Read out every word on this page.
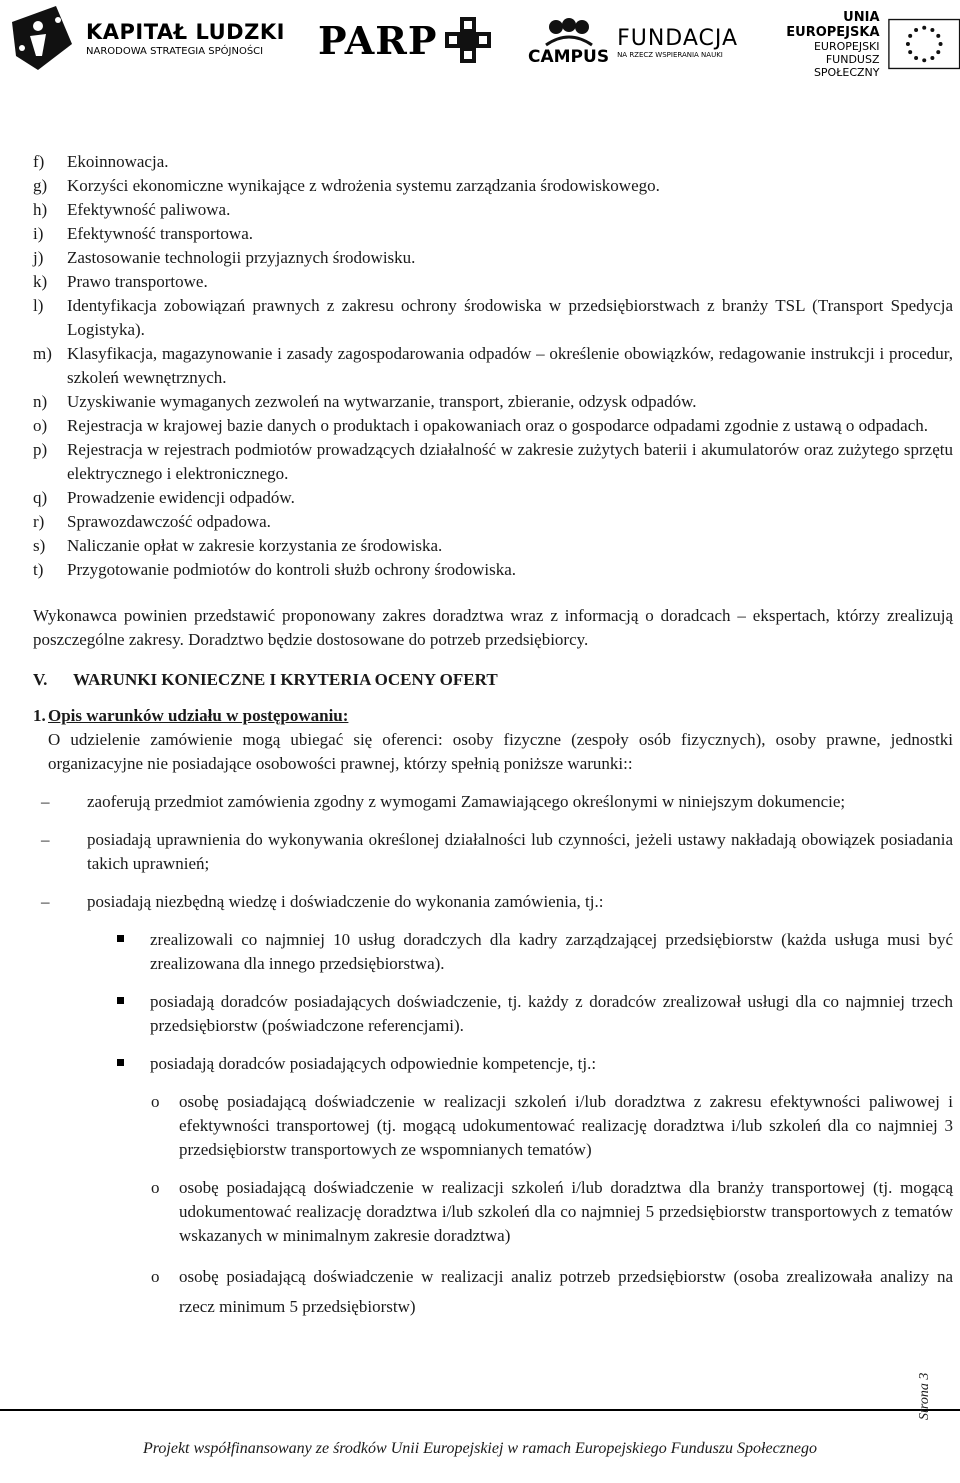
KAPITAŁ LUDZKI
NARODOWA STRATEGIA SPÓJNOŚCI	PARP	CAMPUS
FUNDACJA
NA RZECZ WSPIERANIA NAUKI
UNIA EUROPEJSKA
EUROPEJSKI
FUNDUSZ SPOŁECZNY
f) Ekoinnowacja.
g) Korzyści ekonomiczne wynikające z wdrożenia systemu zarządzania środowiskowego.
h) Efektywność paliwowa.
i) Efektywność transportowa.
j) Zastosowanie technologii przyjaznych środowisku.
k) Prawo transportowe.
l) Identyfikacja zobowiązań prawnych z zakresu ochrony środowiska w przedsiębiorstwach z branży TSL (Transport Spedycja Logistyka).
m) Klasyfikacja, magazynowanie i zasady zagospodarowania odpadów – określenie obowiązków, redagowanie instrukcji i procedur, szkoleń wewnętrznych.
n) Uzyskiwanie wymaganych zezwoleń na wytwarzanie, transport, zbieranie, odzysk odpadów.
o) Rejestracja w krajowej bazie danych o produktach i opakowaniach oraz o gospodarce odpadami zgodnie z ustawą o odpadach.
p) Rejestracja w rejestrach podmiotów prowadzących działalność w zakresie zużytych baterii i akumulatorów oraz zużytego sprzętu elektrycznego i elektronicznego.
q) Prowadzenie ewidencji odpadów.
r) Sprawozdawczość odpadowa.
s) Naliczanie opłat w zakresie korzystania ze środowiska.
t) Przygotowanie podmiotów do kontroli służb ochrony środowiska.
Wykonawca powinien przedstawić proponowany zakres doradztwa wraz z informacją o doradcach – ekspertach, którzy zrealizują poszczególne zakresy. Doradztwo będzie dostosowane do potrzeb przedsiębiorcy.
V.	WARUNKI KONIECZNE I KRYTERIA OCENY OFERT
1. Opis warunków udziału w postępowaniu:
O udzielenie zamówienie mogą ubiegać się oferenci: osoby fizyczne (zespoły osób fizycznych), osoby prawne, jednostki organizacyjne nie posiadające osobowości prawnej, którzy spełnią poniższe warunki::
– zaoferują przedmiot zamówienia zgodny z wymogami Zamawiającego określonymi w niniejszym dokumencie;
– posiadają uprawnienia do wykonywania określonej działalności lub czynności, jeżeli ustawy nakładają obowiązek posiadania takich uprawnień;
– posiadają niezbędną wiedzę i doświadczenie do wykonania zamówienia, tj.:
zrealizowali co najmniej 10 usług doradczych dla kadry zarządzającej przedsiębiorstw (każda usługa musi być zrealizowana dla innego przedsiębiorstwa).
posiadają doradców posiadających doświadczenie, tj. każdy z doradców zrealizował usługi dla co najmniej trzech przedsiębiorstw (poświadczone referencjami).
posiadają doradców posiadających odpowiednie kompetencje, tj.:
o osobę posiadającą doświadczenie w realizacji szkoleń i/lub doradztwa z zakresu efektywności paliwowej i efektywności transportowej (tj. mogącą udokumentować realizację doradztwa i/lub szkoleń dla co najmniej 3 przedsiębiorstw transportowych ze wspomnianych tematów)
o osobę posiadającą doświadczenie w realizacji szkoleń i/lub doradztwa dla branży transportowej (tj. mogącą udokumentować realizację doradztwa i/lub szkoleń dla co najmniej 5 przedsiębiorstw transportowych z tematów wskazanych w minimalnym zakresie doradztwa)
o osobę posiadającą doświadczenie w realizacji analiz potrzeb przedsiębiorstw (osoba zrealizowała analizy na rzecz minimum 5 przedsiębiorstw)
Projekt współfinansowany ze środków Unii Europejskiej w ramach Europejskiego Funduszu Społecznego
Strona 3
